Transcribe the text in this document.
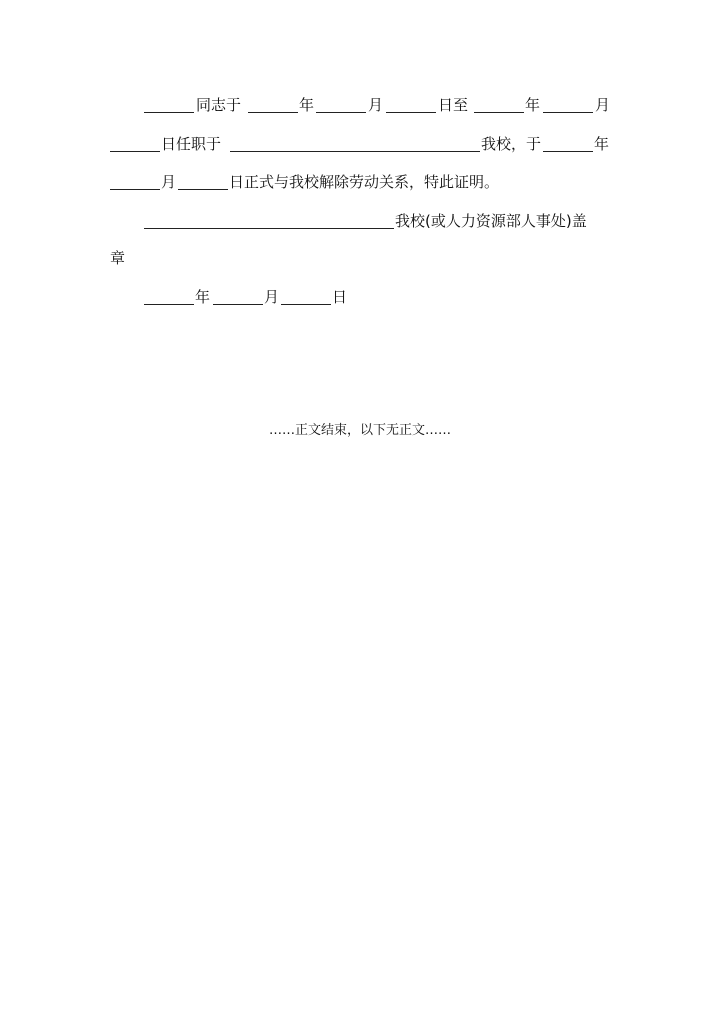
同志于	年	月	日至	年	月
日任职于	我校，于	年
月	日正式与我校解除劳动关系，特此证明。
我校(或人力资源部人事处)盖
章
年	月	日
……正文结束，以下无正文……
